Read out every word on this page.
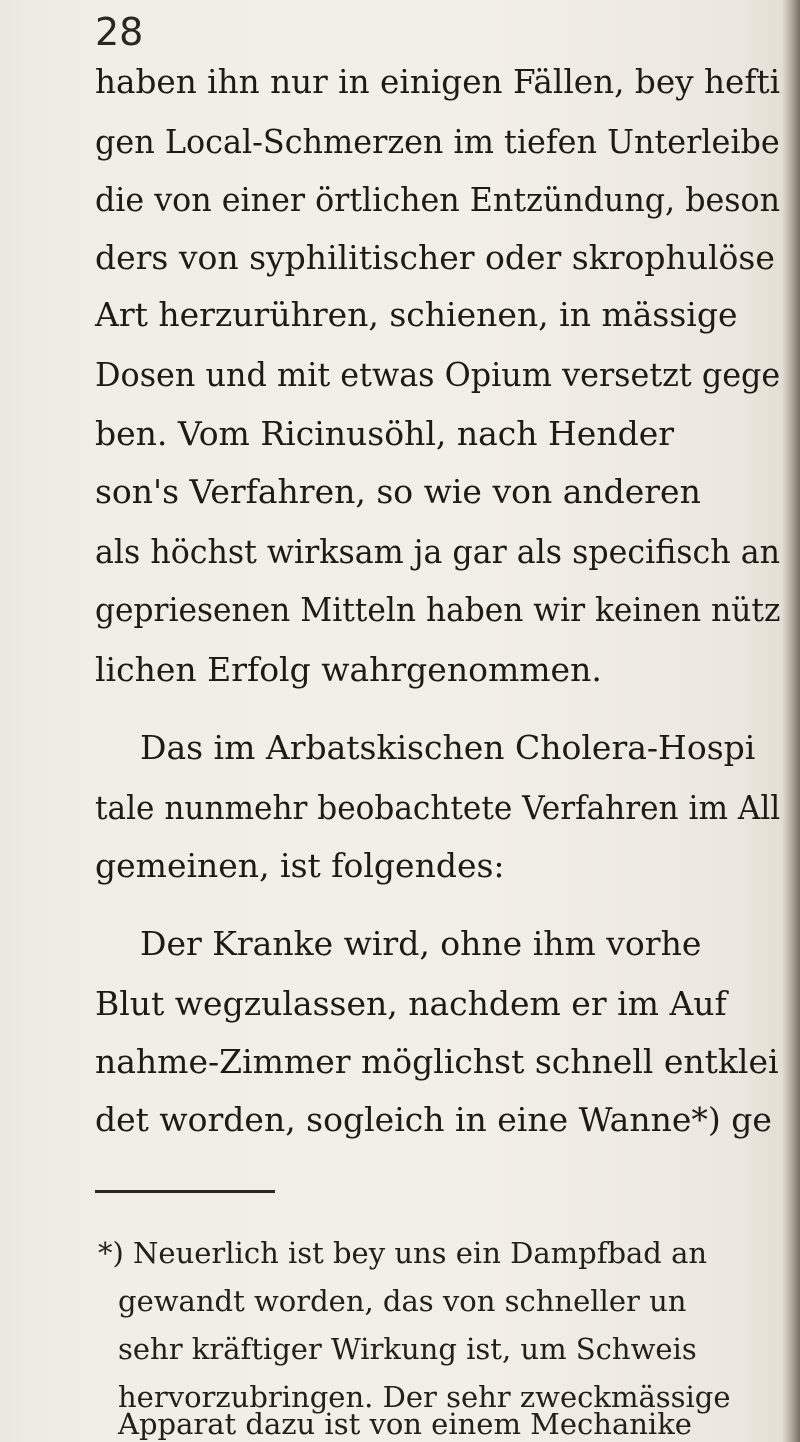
28
haben ihn nur in einigen Fällen, bey hefti
gen Local-Schmerzen im tiefen Unterleibe
die von einer örtlichen Entzündung, beson
ders von syphilitischer oder skrophulöse
Art herzurühren, schienen, in mässige
Dosen und mit etwas Opium versetzt gege
ben. Vom Ricinusöhl, nach Hender
son's Verfahren, so wie von anderen
als höchst wirksam ja gar als specifisch an
gepriesenen Mitteln haben wir keinen nütz
lichen Erfolg wahrgenommen.
Das im Arbatskischen Cholera-Hospi
tale nunmehr beobachtete Verfahren im All
gemeinen, ist folgendes:
Der Kranke wird, ohne ihm vorhe
Blut wegzulassen, nachdem er im Auf
nahme-Zimmer möglichst schnell entklei
det worden, sogleich in eine Wanne*) ge
*) Neuerlich ist bey uns ein Dampfbad an
gewandt worden, das von schneller un
sehr kräftiger Wirkung ist, um Schweis
hervorzubringen. Der sehr zweckmässige
Apparat dazu ist von einem Mechanike
